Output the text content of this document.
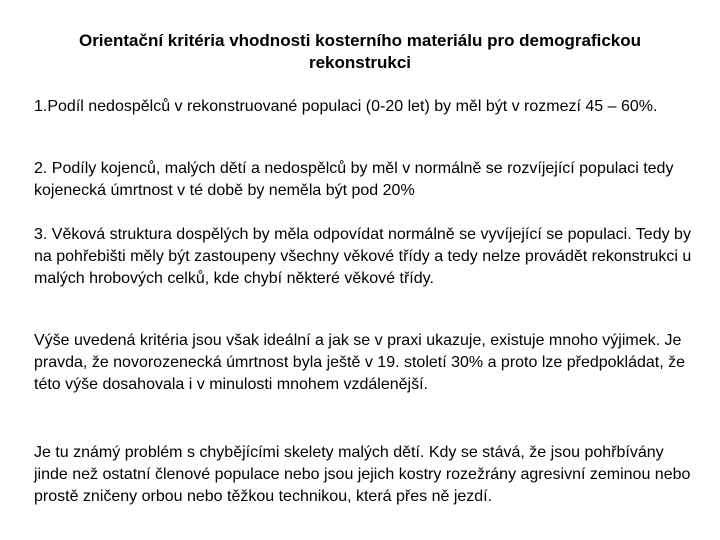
Orientační kritéria vhodnosti kosterního materiálu pro demografickou rekonstrukci
1.Podíl nedospělců v rekonstruované populaci (0-20 let) by měl být v rozmezí 45 – 60%.
2. Podíly kojenců, malých dětí a nedospělců by měl v normálně se rozvíjející populaci tedy kojenecká úmrtnost v té době by neměla být pod 20%
3. Věková struktura dospělých by měla odpovídat normálně se vyvíjející se populaci. Tedy by na pohřebišti měly být zastoupeny všechny věkové třídy a tedy nelze provádět rekonstrukci u malých hrobových celků, kde chybí některé věkové třídy.
Výše uvedená kritéria jsou však ideální a jak se v praxi ukazuje, existuje mnoho výjimek. Je pravda, že novorozenecká úmrtnost byla ještě v 19. století 30% a proto lze předpokládat, že této výše dosahovala i v minulosti mnohem vzdálenější.
Je tu známý problém s chybějícími skelety malých dětí. Kdy se stává, že jsou pohřbívány jinde než ostatní členové populace nebo jsou jejich kostry rozežrány agresivní zeminou nebo prostě zničeny orbou nebo těžkou technikou, která přes ně jezdí.
